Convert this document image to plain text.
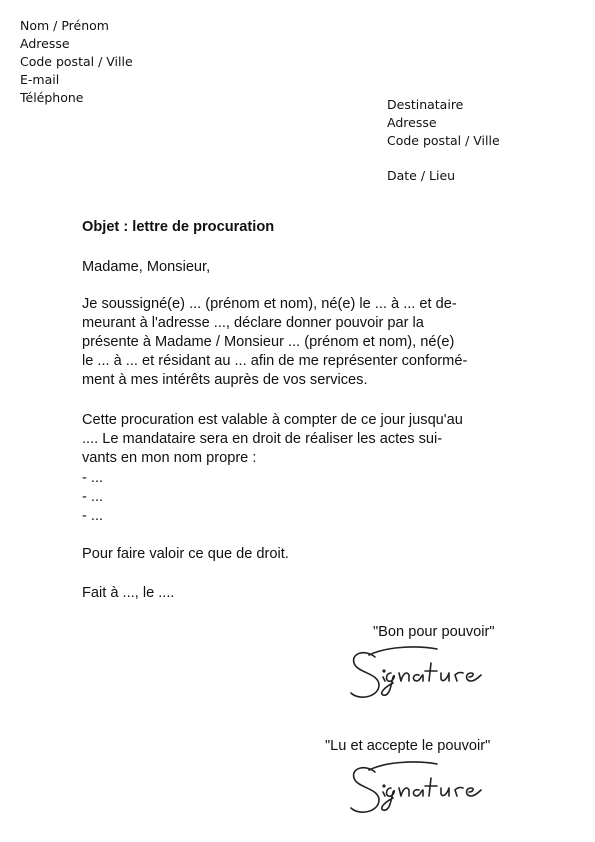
Nom / Prénom
Adresse
Code postal / Ville
E-mail
Téléphone	Destinataire
Adresse
Code postal / Ville
Date / Lieu
Objet : lettre de procuration
Madame, Monsieur,
Je soussigné(e) ... (prénom et nom), né(e) le ... à ... et de-
meurant à l'adresse ..., déclare donner pouvoir par la
présente à Madame / Monsieur ... (prénom et nom), né(e)
le ... à ... et résidant au ... afin de me représenter conformé-
ment à mes intérêts auprès de vos services.
Cette procuration est valable à compter de ce jour jusqu'au
.... Le mandataire sera en droit de réaliser les actes sui-
vants en mon nom propre :
- ...
- ...
- ...
Pour faire valoir ce que de droit.
Fait à ..., le ....
"Bon pour pouvoir"
"Lu et accepte le pouvoir"
